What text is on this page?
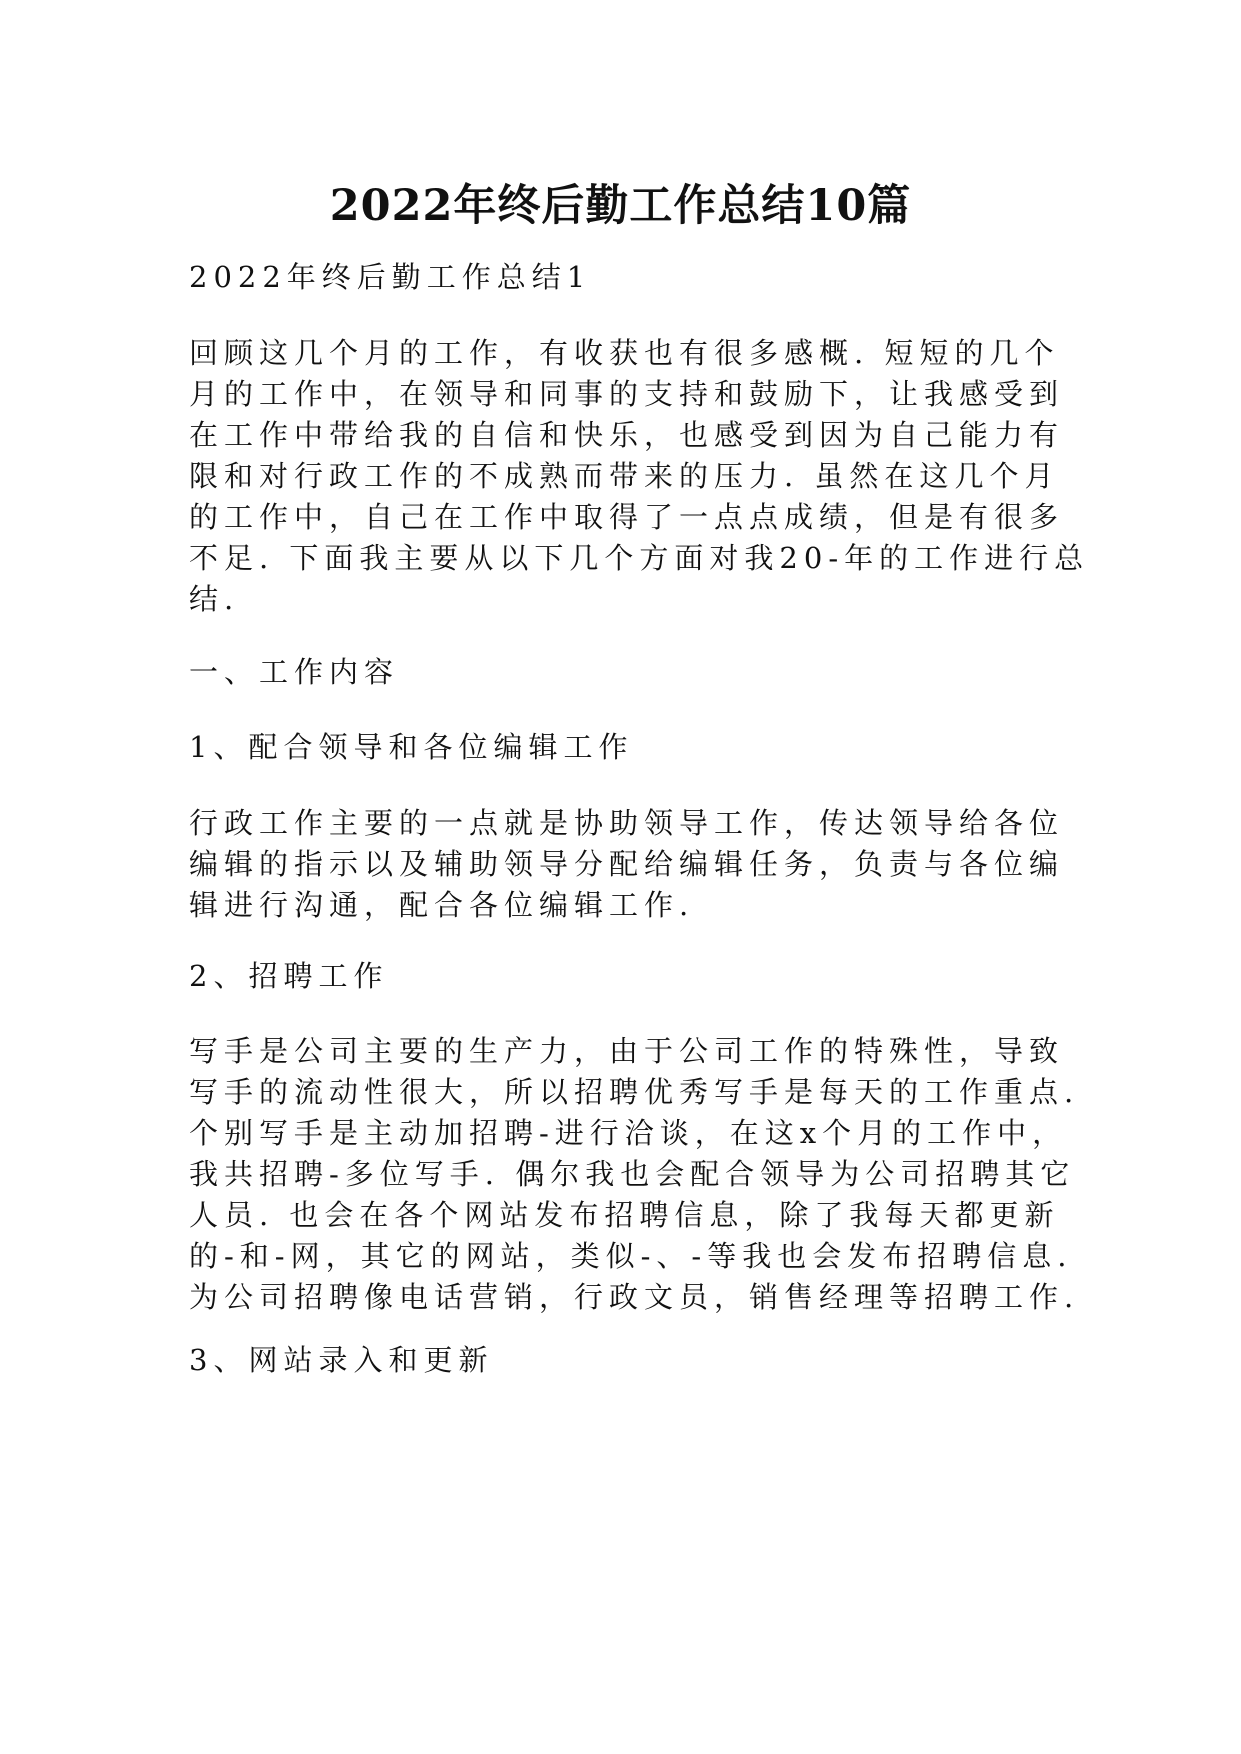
2022年终后勤工作总结10篇

2022年终后勤工作总结1

回顾这几个月的工作，有收获也有很多感概. 短短的几个
月的工作中，在领导和同事的支持和鼓励下，让我感受到
在工作中带给我的自信和快乐，也感受到因为自己能力有
限和对行政工作的不成熟而带来的压力. 虽然在这几个月
的工作中，自己在工作中取得了一点点成绩，但是有很多
不足. 下面我主要从以下几个方面对我20-年的工作进行总
结.

一、工作内容

1、配合领导和各位编辑工作

行政工作主要的一点就是协助领导工作，传达领导给各位
编辑的指示以及辅助领导分配给编辑任务，负责与各位编
辑进行沟通，配合各位编辑工作.

2、招聘工作

写手是公司主要的生产力，由于公司工作的特殊性，导致
写手的流动性很大，所以招聘优秀写手是每天的工作重点.
个别写手是主动加招聘-进行洽谈，在这x个月的工作中，
我共招聘-多位写手. 偶尔我也会配合领导为公司招聘其它
人员. 也会在各个网站发布招聘信息，除了我每天都更新
的-和-网，其它的网站，类似-、-等我也会发布招聘信息.
为公司招聘像电话营销，行政文员，销售经理等招聘工作.

3、网站录入和更新
